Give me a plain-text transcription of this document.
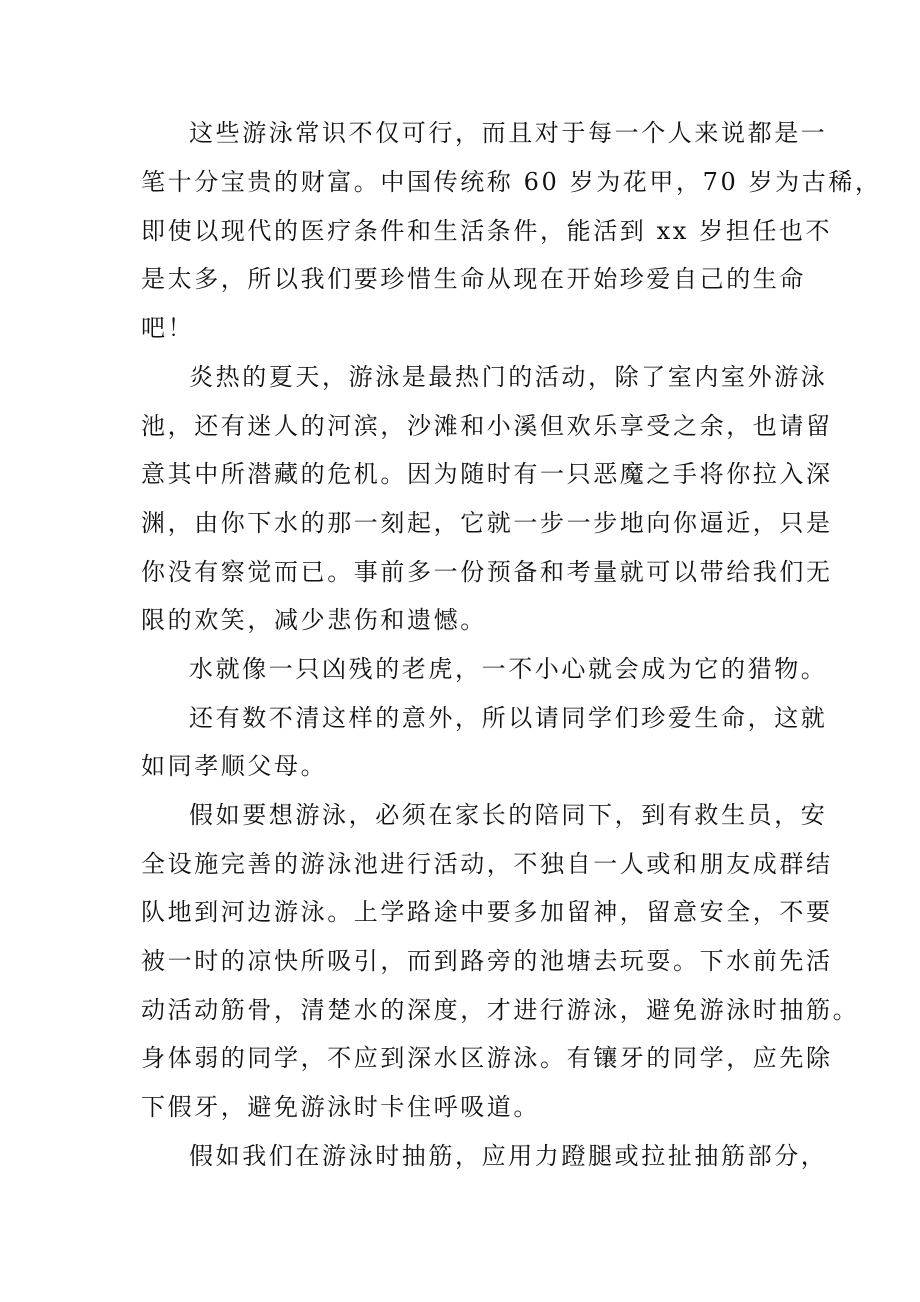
这些游泳常识不仅可行，而且对于每一个人来说都是一
笔十分宝贵的财富。中国传统称 60 岁为花甲，70 岁为古稀，
即使以现代的医疗条件和生活条件，能活到 xx 岁担任也不
是太多，所以我们要珍惜生命从现在开始珍爱自己的生命
吧！
炎热的夏天，游泳是最热门的活动，除了室内室外游泳
池，还有迷人的河滨，沙滩和小溪但欢乐享受之余，也请留
意其中所潜藏的危机。因为随时有一只恶魔之手将你拉入深
渊，由你下水的那一刻起，它就一步一步地向你逼近，只是
你没有察觉而已。事前多一份预备和考量就可以带给我们无
限的欢笑，减少悲伤和遗憾。
水就像一只凶残的老虎，一不小心就会成为它的猎物。
还有数不清这样的意外，所以请同学们珍爱生命，这就
如同孝顺父母。
假如要想游泳，必须在家长的陪同下，到有救生员，安
全设施完善的游泳池进行活动，不独自一人或和朋友成群结
队地到河边游泳。上学路途中要多加留神，留意安全，不要
被一时的凉快所吸引，而到路旁的池塘去玩耍。下水前先活
动活动筋骨，清楚水的深度，才进行游泳，避免游泳时抽筋。
身体弱的同学，不应到深水区游泳。有镶牙的同学，应先除
下假牙，避免游泳时卡住呼吸道。
假如我们在游泳时抽筋，应用力蹬腿或拉扯抽筋部分，
